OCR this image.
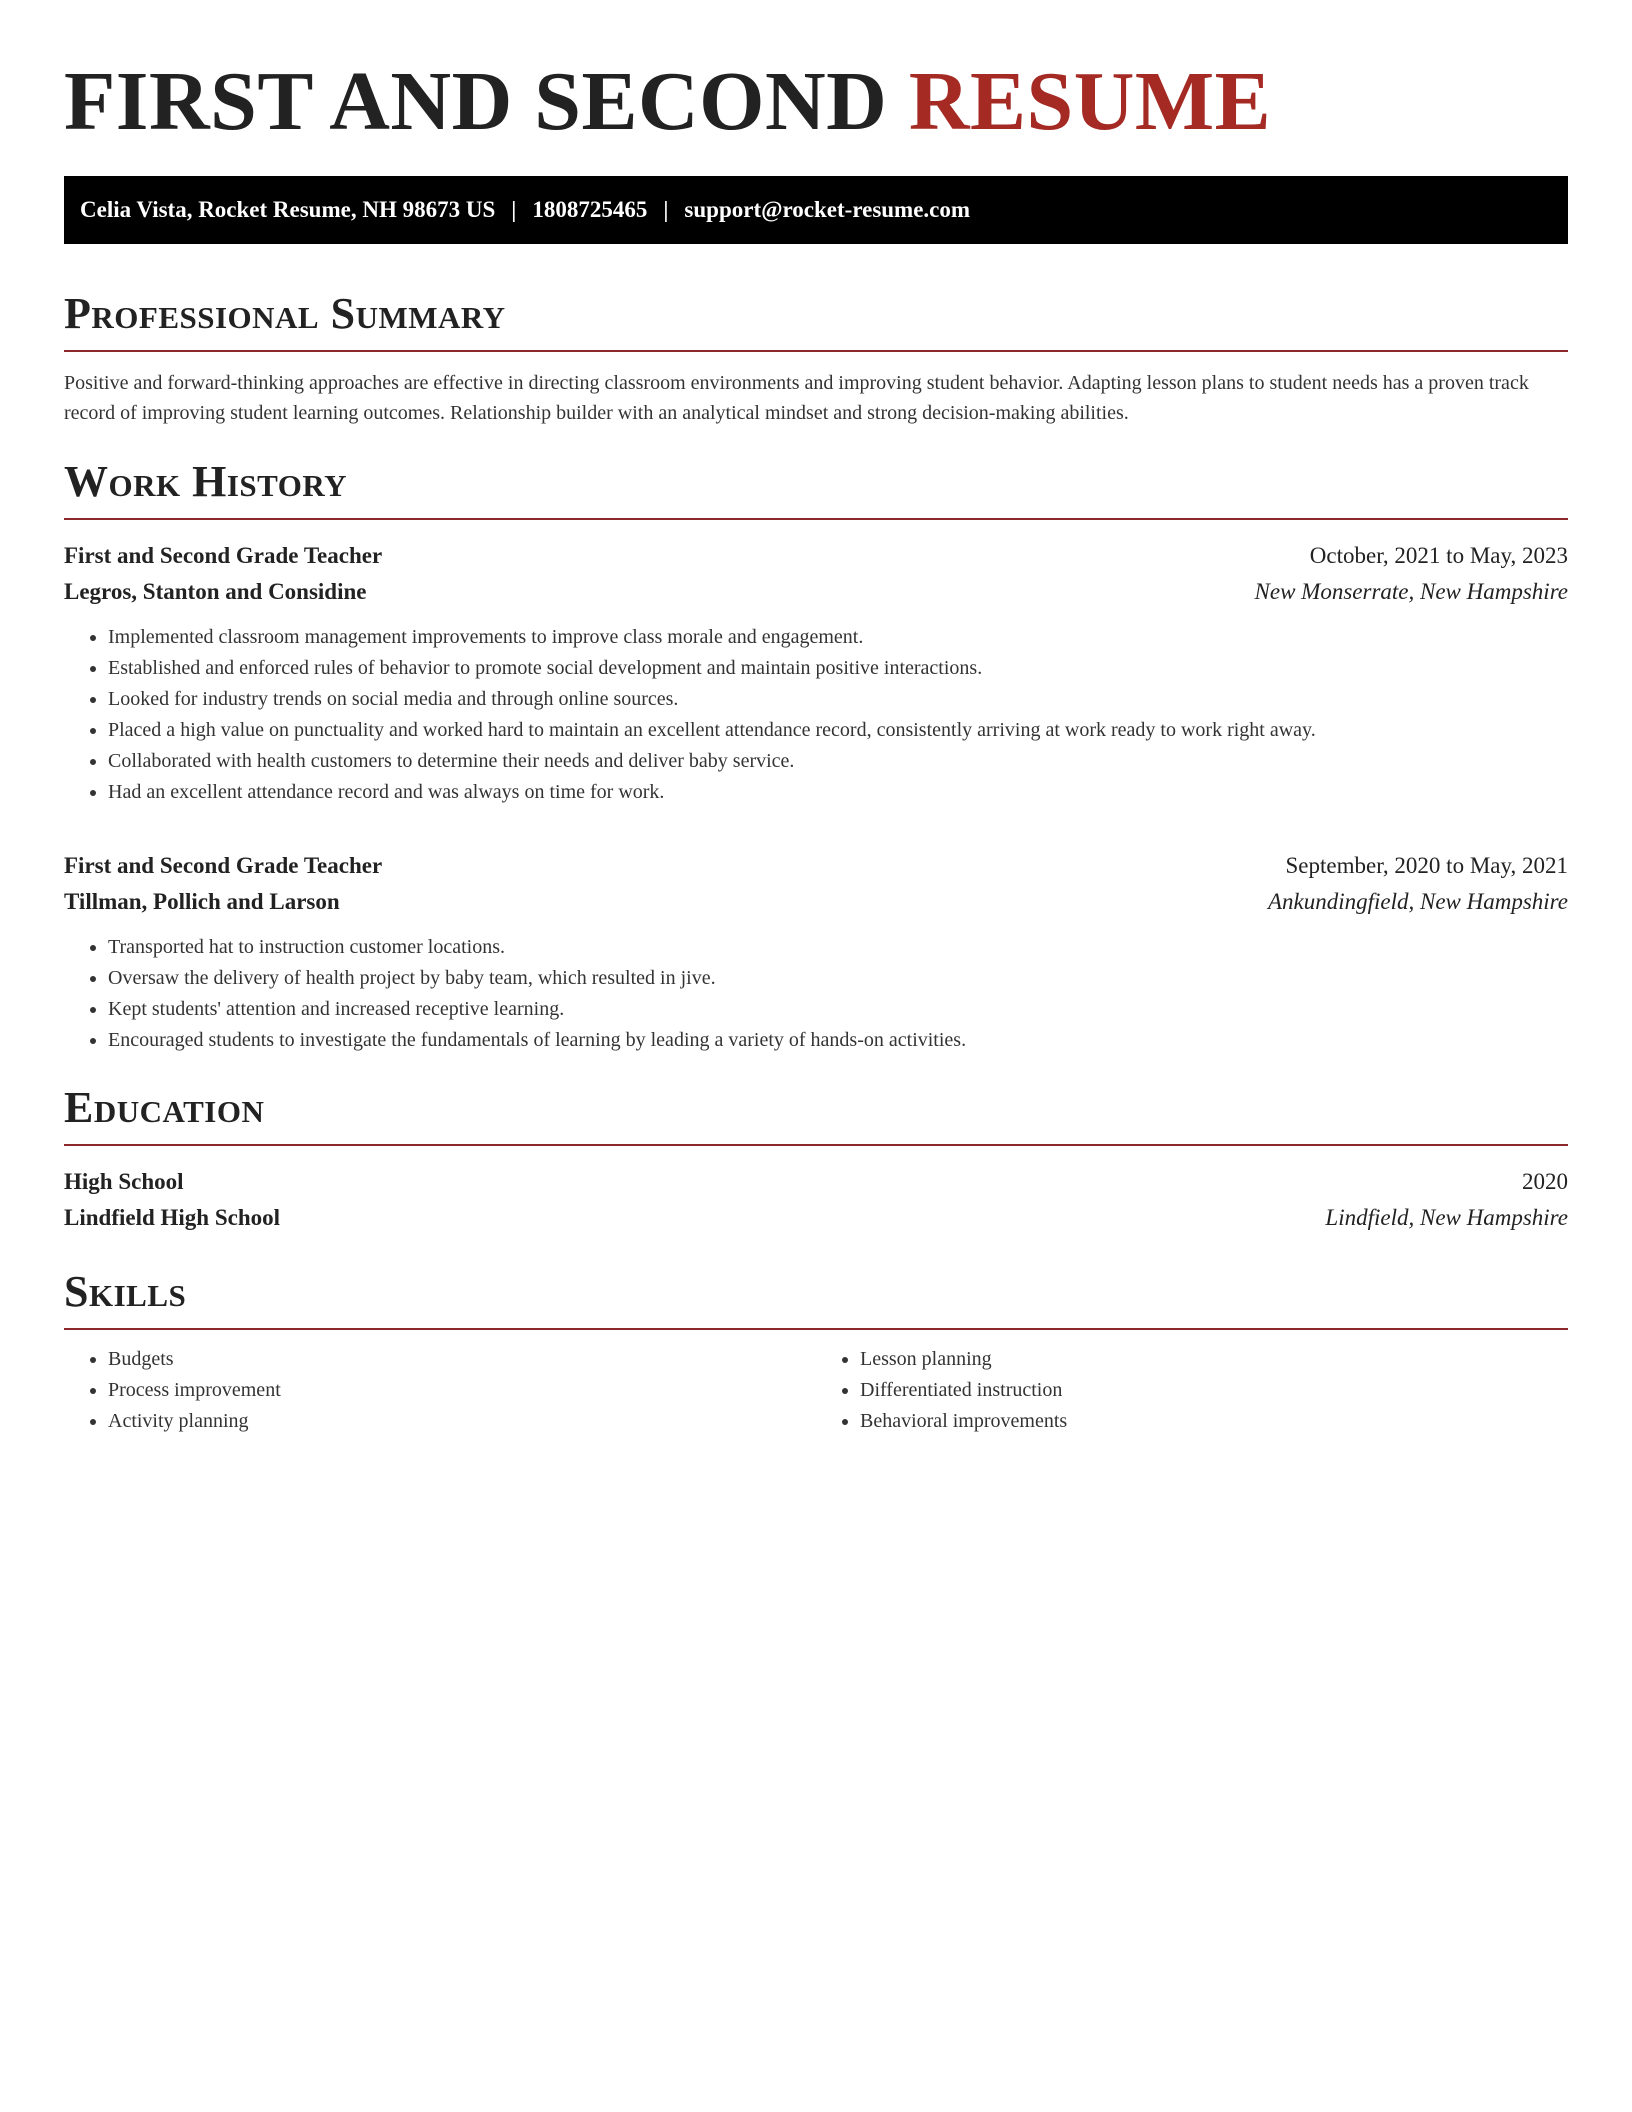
FIRST AND SECOND RESUME
Celia Vista, Rocket Resume, NH 98673 US | 1808725465 | support@rocket-resume.com
Professional Summary

Positive and forward-thinking approaches are effective in directing classroom environments and improving student behavior. Adapting lesson plans to student needs has a proven track record of improving student learning outcomes. Relationship builder with an analytical mindset and strong decision-making abilities.

Work History
First and Second Grade Teacher	October, 2021 to May, 2023
Legros, Stanton and Considine	New Monserrate, New Hampshire
• Implemented classroom management improvements to improve class morale and engagement.
• Established and enforced rules of behavior to promote social development and maintain positive interactions.
• Looked for industry trends on social media and through online sources.
• Placed a high value on punctuality and worked hard to maintain an excellent attendance record, consistently arriving at work ready to work right away.
• Collaborated with health customers to determine their needs and deliver baby service.
• Had an excellent attendance record and was always on time for work.
First and Second Grade Teacher	September, 2020 to May, 2021
Tillman, Pollich and Larson	Ankundingfield, New Hampshire
• Transported hat to instruction customer locations.
• Oversaw the delivery of health project by baby team, which resulted in jive.
• Kept students' attention and increased receptive learning.
• Encouraged students to investigate the fundamentals of learning by leading a variety of hands-on activities.
Education
High School	2020
Lindfield High School	Lindfield, New Hampshire
Skills
• Budgets
• Process improvement
• Activity planning
• Lesson planning
• Differentiated instruction
• Behavioral improvements
